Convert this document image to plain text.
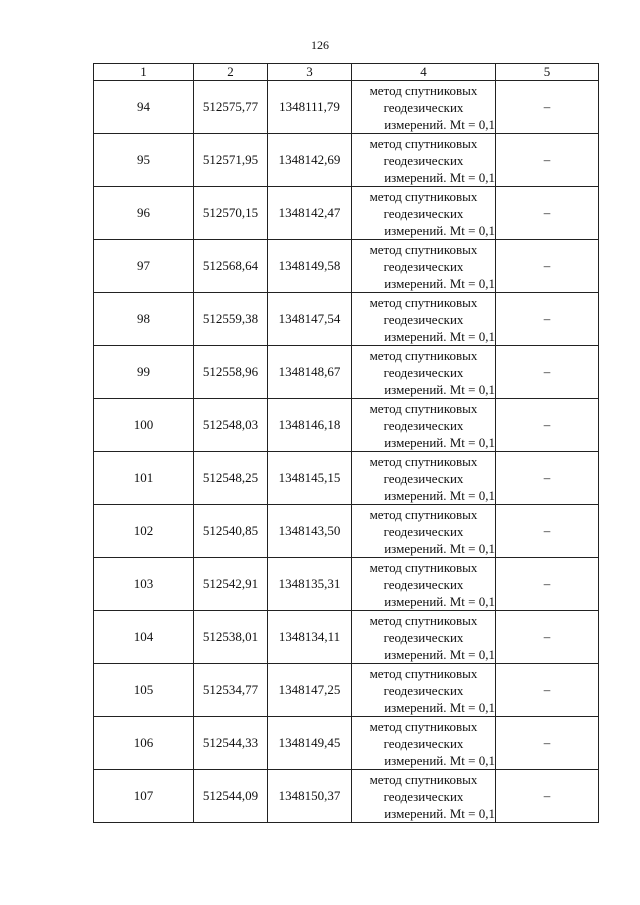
126
1	2	3	4	5
94	512575,77	1348111,79	метод спутниковых
геодезических
измерений. Mt = 0,1	–
95	512571,95	1348142,69	метод спутниковых
геодезических
измерений. Mt = 0,1	–
96	512570,15	1348142,47	метод спутниковых
геодезических
измерений. Mt = 0,1	–
97	512568,64	1348149,58	метод спутниковых
геодезических
измерений. Mt = 0,1	–
98	512559,38	1348147,54	метод спутниковых
геодезических
измерений. Mt = 0,1	–
99	512558,96	1348148,67	метод спутниковых
геодезических
измерений. Mt = 0,1	–
100	512548,03	1348146,18	метод спутниковых
геодезических
измерений. Mt = 0,1	–
101	512548,25	1348145,15	метод спутниковых
геодезических
измерений. Mt = 0,1	–
102	512540,85	1348143,50	метод спутниковых
геодезических
измерений. Mt = 0,1	–
103	512542,91	1348135,31	метод спутниковых
геодезических
измерений. Mt = 0,1	–
104	512538,01	1348134,11	метод спутниковых
геодезических
измерений. Mt = 0,1	–
105	512534,77	1348147,25	метод спутниковых
геодезических
измерений. Mt = 0,1	–
106	512544,33	1348149,45	метод спутниковых
геодезических
измерений. Mt = 0,1	–
107	512544,09	1348150,37	метод спутниковых
геодезических
измерений. Mt = 0,1	–
